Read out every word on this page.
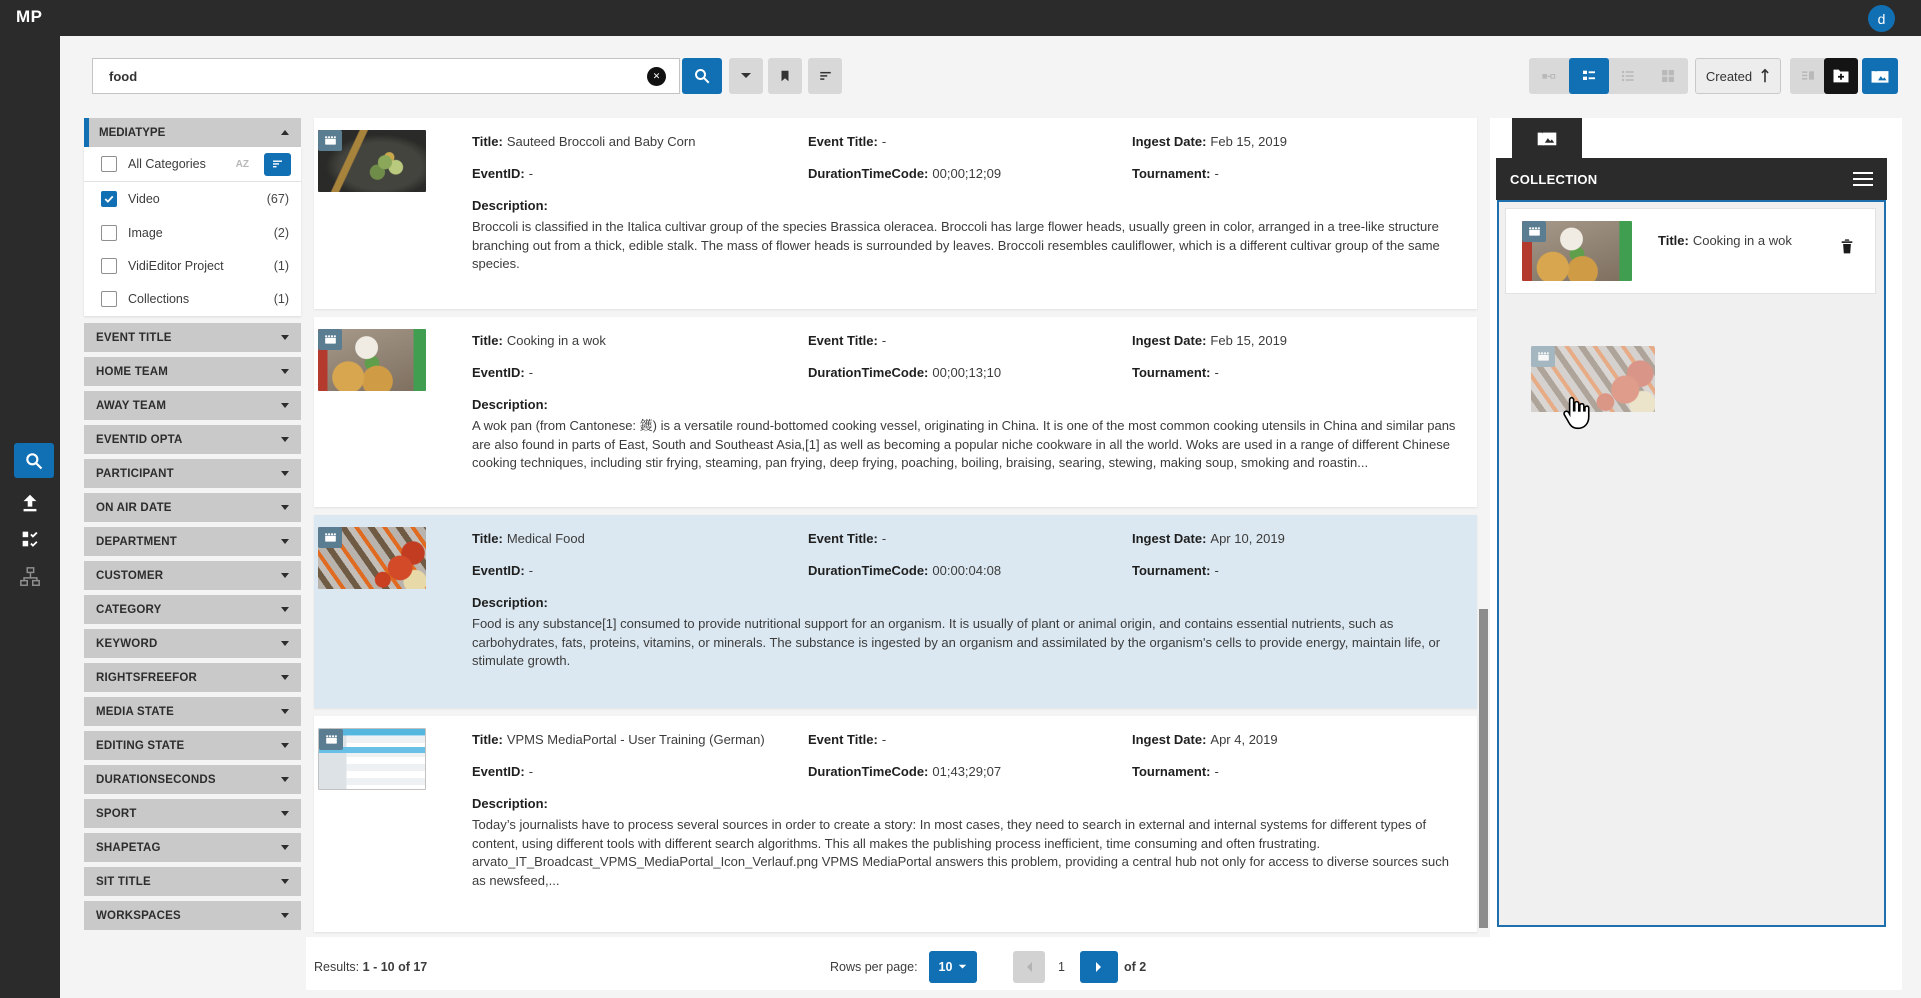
MP	d
food
✕	Created
MEDIATYPE
All Categories	AZ
Video	(67)
Image	(2)
VidiEditor Project	(1)
Collections	(1)
EVENT TITLE
HOME TEAM
AWAY TEAM
EVENTID OPTA
PARTICIPANT
ON AIR DATE
DEPARTMENT
CUSTOMER
CATEGORY
KEYWORD
RIGHTSFREEFOR
MEDIA STATE
EDITING STATE
DURATIONSECONDS
SPORT
SHAPETAG
SIT TITLE
WORKSPACES
Title: Sauteed Broccoli and Baby Corn	Event Title: -	Ingest Date: Feb 15, 2019
EventID: -	DurationTimeCode: 00;00;12;09	Tournament: -
Description:
Broccoli is classified in the Italica cultivar group of the species Brassica oleracea. Broccoli has large flower heads, usually green in color, arranged in a tree-like structure branching out from a thick, edible stalk. The mass of flower heads is surrounded by leaves. Broccoli resembles cauliflower, which is a different cultivar group of the same species.
Title: Cooking in a wok	Event Title: -	Ingest Date: Feb 15, 2019
EventID: -	DurationTimeCode: 00;00;13;10	Tournament: -
Description:
A wok pan (from Cantonese: 鑊) is a versatile round-bottomed cooking vessel, originating in China. It is one of the most common cooking utensils in China and similar pans are also found in parts of East, South and Southeast Asia,[1] as well as becoming a popular niche cookware in all the world. Woks are used in a range of different Chinese cooking techniques, including stir frying, steaming, pan frying, deep frying, poaching, boiling, braising, searing, stewing, making soup, smoking and roastin...
Title: Medical Food	Event Title: -	Ingest Date: Apr 10, 2019
EventID: -	DurationTimeCode: 00:00:04:08	Tournament: -
Description:
Food is any substance[1] consumed to provide nutritional support for an organism. It is usually of plant or animal origin, and contains essential nutrients, such as carbohydrates, fats, proteins, vitamins, or minerals. The substance is ingested by an organism and assimilated by the organism's cells to provide energy, maintain life, or stimulate growth.
Title: VPMS MediaPortal - User Training (German)	Event Title: -	Ingest Date: Apr 4, 2019
EventID: -	DurationTimeCode: 01;43;29;07	Tournament: -
Description:
Today’s journalists have to process several sources in order to create a story: In most cases, they need to search in external and internal systems for different types of content, using different tools with different search algorithms. This all makes the publishing process inefficient, time consuming and often frustrating. arvato_IT_Broadcast_VPMS_MediaPortal_Icon_Verlauf.png VPMS MediaPortal answers this problem, providing a central hub not only for access to diverse sources such as newsfeed,...
Results: 1 - 10 of 17	Rows per page: 10	1	of 2
COLLECTION
Title: Cooking in a wok
